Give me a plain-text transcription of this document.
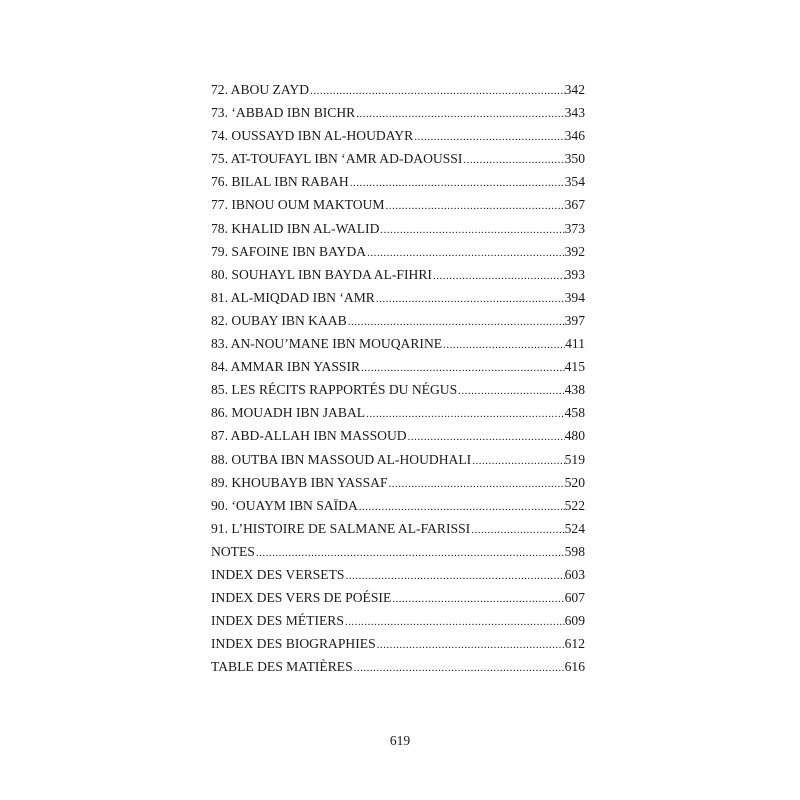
72. ABOU ZAYD .....	342
73. ‘ABBAD IBN BICHR .....	343
74. OUSSAYD IBN AL-HOUDAYR .....	346
75. AT-TOUFAYL IBN ‘AMR AD-DAOUSSI .....	350
76. BILAL IBN RABAH .....	354
77. IBNOU OUM MAKTOUM .....	367
78. KHALID IBN AL-WALID .....	373
79. SAFOINE IBN BAYDA .....	392
80. SOUHAYL IBN BAYDA AL-FIHRI .....	393
81. AL-MIQDAD IBN ‘AMR .....	394
82. OUBAY IBN KAAB .....	397
83. AN-NOU’MANE IBN MOUQARINE .....	411
84. AMMAR IBN YASSIR .....	415
85. LES RÉCITS RAPPORTÉS DU NÉGUS .....	438
86. MOUADH IBN JABAL .....	458
87. ABD-ALLAH IBN MASSOUD .....	480
88. OUTBA IBN MASSOUD AL-HOUDHALI .....	519
89. KHOUBAYB IBN YASSAF .....	520
90. ‘OUAYM IBN SAÏDA .....	522
91. L’HISTOIRE DE SALMANE AL-FARISSI .....	524
NOTES .....	598
INDEX DES VERSETS .....	603
INDEX DES VERS DE POÉSIE .....	607
INDEX DES MÉTIERS .....	609
INDEX DES BIOGRAPHIES .....	612
TABLE DES MATIÈRES .....	616
619
